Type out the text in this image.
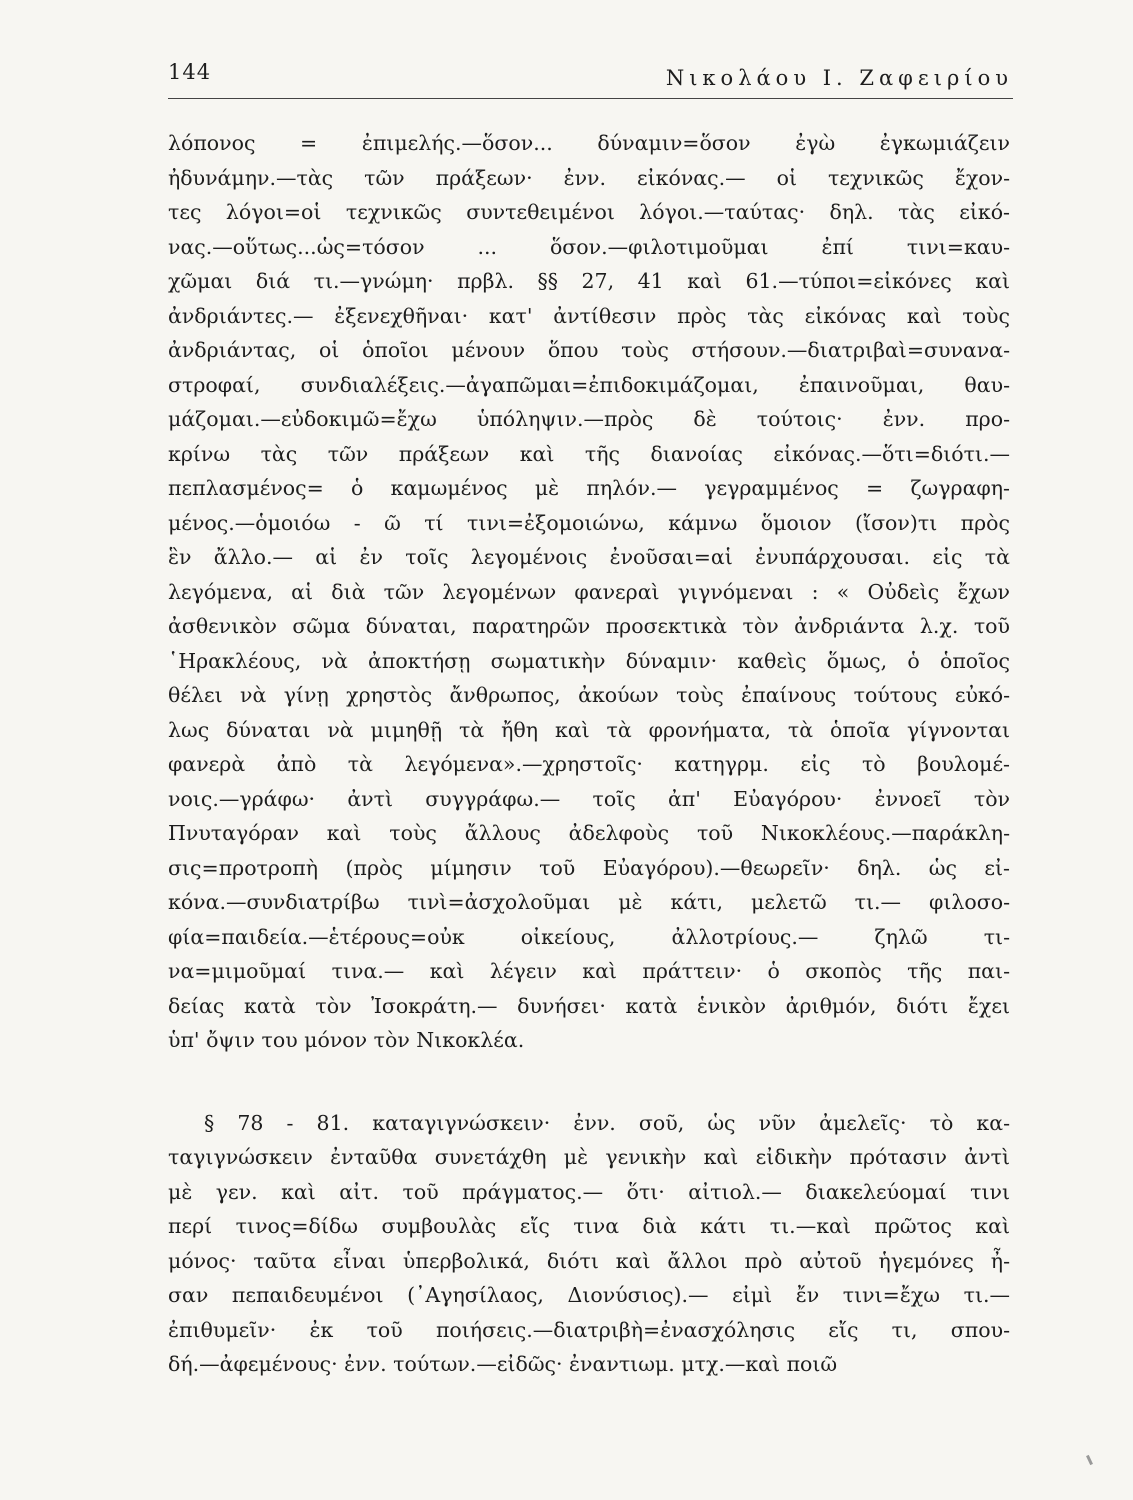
144	Νικολάου Ι. Ζαφειρίου
λόπονος = ἐπιμελής.—ὅσον... δύναμιν=ὅσον ἐγὼ ἐγκωμιάζειν
ἠδυνάμην.—τὰς τῶν πράξεων· ἐνν. εἰκόνας.— οἱ τεχνικῶς ἔχον-
τες λόγοι=οἱ τεχνικῶς συντεθειμένοι λόγοι.—ταύτας· δηλ. τὰς εἰκό-
νας.—οὕτως...ὡς=τόσον ... ὅσον.—φιλοτιμοῦμαι ἐπί τινι=καυ-
χῶμαι διά τι.—γνώμη· πρβλ. §§ 27, 41 καὶ 61.—τύποι=εἰκόνες καὶ
ἀνδριάντες.— ἐξενεχθῆναι· κατ' ἀντίθεσιν πρὸς τὰς εἰκόνας καὶ τοὺς
ἀνδριάντας, οἱ ὁποῖοι μένουν ὅπου τοὺς στήσουν.—διατριβαὶ=συνανα-
στροφαί, συνδιαλέξεις.—ἀγαπῶμαι=ἐπιδοκιμάζομαι, ἐπαινοῦμαι, θαυ-
μάζομαι.—εὐδοκιμῶ=ἔχω ὑπόληψιν.—πρὸς δὲ τούτοις· ἐνν. προ-
κρίνω τὰς τῶν πράξεων καὶ τῆς διανοίας εἰκόνας.—ὅτι=διότι.—
πεπλασμένος= ὁ καμωμένος μὲ πηλόν.— γεγραμμένος = ζωγραφη-
μένος.—ὁμοιόω - ῶ τί τινι=ἐξομοιώνω, κάμνω ὅμοιον (ἴσον)τι πρὸς
ἓν ἄλλο.— αἱ ἐν τοῖς λεγομένοις ἐνοῦσαι=αἱ ἐνυπάρχουσαι. εἰς τὰ
λεγόμενα, αἱ διὰ τῶν λεγομένων φανεραὶ γιγνόμεναι : « Οὐδεὶς ἔχων
ἀσθενικὸν σῶμα δύναται, παρατηρῶν προσεκτικὰ τὸν ἀνδριάντα λ.χ. τοῦ
῾Ηρακλέους, νὰ ἀποκτήσῃ σωματικὴν δύναμιν· καθεὶς ὅμως, ὁ ὁποῖος
θέλει νὰ γίνῃ χρηστὸς ἄνθρωπος, ἀκούων τοὺς ἐπαίνους τούτους εὐκό-
λως δύναται νὰ μιμηθῇ τὰ ἤθη καὶ τὰ φρονήματα, τὰ ὁποῖα γίγνονται
φανερὰ ἀπὸ τὰ λεγόμενα».—χρηστοῖς· κατηγρμ. εἰς τὸ βουλομέ-
νοις.—γράφω· ἀντὶ συγγράφω.— τοῖς ἀπ' Εὐαγόρου· ἐννοεῖ τὸν
Πνυταγόραν καὶ τοὺς ἄλλους ἀδελφοὺς τοῦ Νικοκλέους.—παράκλη-
σις=προτροπὴ (πρὸς μίμησιν τοῦ Εὐαγόρου).—θεωρεῖν· δηλ. ὡς εἰ-
κόνα.—συνδιατρίβω τινὶ=ἀσχολοῦμαι μὲ κάτι, μελετῶ τι.— φιλοσο-
φία=παιδεία.—ἑτέρους=οὐκ οἰκείους, ἀλλοτρίους.— ζηλῶ τι-
να=μιμοῦμαί τινα.— καὶ λέγειν καὶ πράττειν· ὁ σκοπὸς τῆς παι-
δείας κατὰ τὸν Ἰσοκράτη.— δυνήσει· κατὰ ἑνικὸν ἀριθμόν, διότι ἔχει
ὑπ' ὄψιν του μόνον τὸν Νικοκλέα.
§ 78 - 81. καταγιγνώσκειν· ἐνν. σοῦ, ὡς νῦν ἀμελεῖς· τὸ κα-
ταγιγνώσκειν ἐνταῦθα συνετάχθη μὲ γενικὴν καὶ εἰδικὴν πρότασιν ἀντὶ
μὲ γεν. καὶ αἰτ. τοῦ πράγματος.— ὅτι· αἰτιολ.— διακελεύομαί τινι
περί τινος=δίδω συμβουλὰς εἴς τινα διὰ κάτι τι.—καὶ πρῶτος καὶ
μόνος· ταῦτα εἶναι ὑπερβολικά, διότι καὶ ἄλλοι πρὸ αὐτοῦ ἡγεμόνες ἦ-
σαν πεπαιδευμένοι (᾿Αγησίλαος, Διονύσιος).— εἰμὶ ἔν τινι=ἔχω τι.—
ἐπιθυμεῖν· ἐκ τοῦ ποιήσεις.—διατριβὴ=ἐνασχόλησις εἴς τι, σπου-
δή.—ἀφεμένους· ἐνν. τούτων.—εἰδῶς· ἐναντιωμ. μτχ.—καὶ ποιῶ
